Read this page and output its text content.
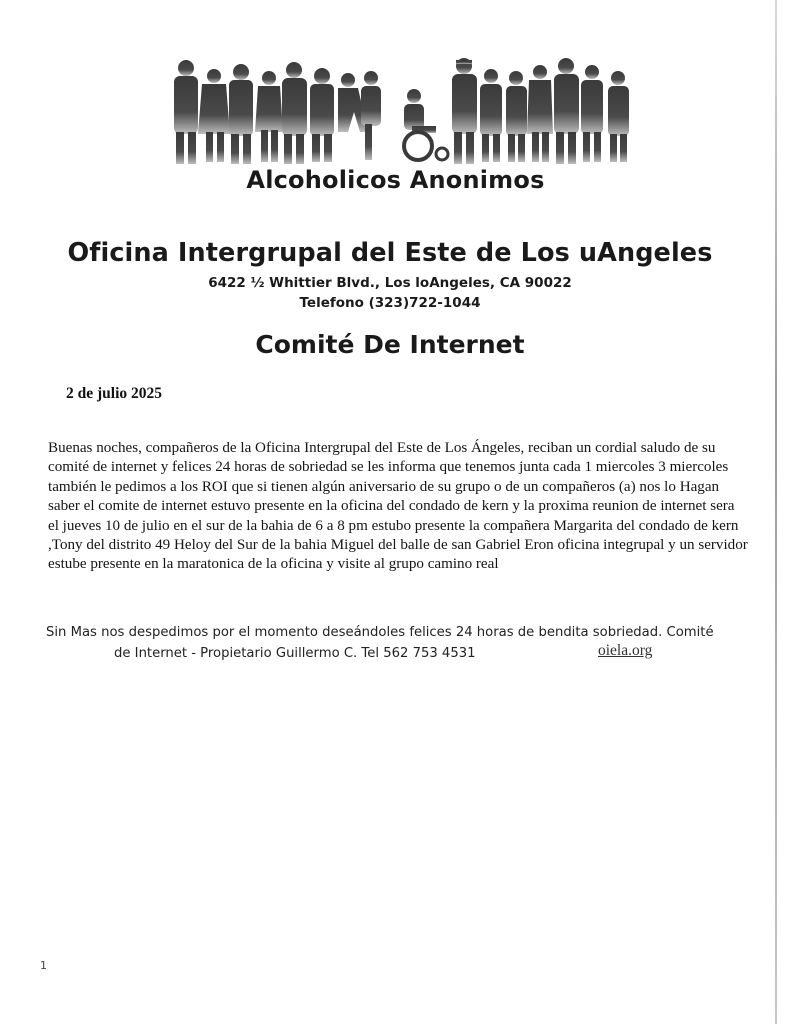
Alcoholicos Anonimos
Oficina Intergrupal del Este de Los uAngeles
6422 ½ Whittier Blvd., Los loAngeles, CA 90022
Telefono (323)722-1044
Comité De Internet
2 de julio 2025
Buenas noches, compañeros de la Oficina Intergrupal del Este de Los Ángeles, reciban un cordial saludo de su comité de internet y felices 24 horas de sobriedad se les informa que tenemos junta cada 1 miercoles 3 miercoles también le pedimos a los ROI que si tienen algún aniversario de su grupo o de un compañeros (a) nos lo Hagan saber el comite de internet estuvo presente en la oficina del condado de kern y la proxima reunion de internet sera el jueves 10 de julio en el sur de la bahia de 6 a 8 pm estubo presente la compañera Margarita del condado de kern ,Tony del distrito 49 Heloy del Sur de la bahia Miguel del balle de san Gabriel Eron oficina integrupal y un servidor estube presente en la maratonica de la oficina y visite al grupo camino real
Sin Mas nos despedimos por el momento deseándoles felices 24 horas de bendita sobriedad. Comité
de Internet - Propietario Guillermo C. Tel 562 753 4531	oiela.org
1
